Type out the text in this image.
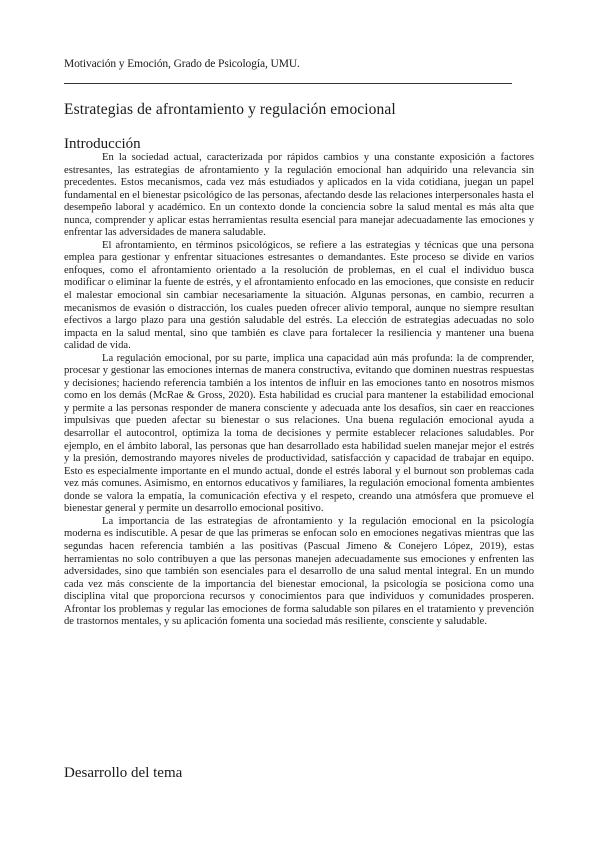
Motivación y Emoción, Grado de Psicología, UMU.
Estrategias de afrontamiento y regulación emocional
Introducción

En la sociedad actual, caracterizada por rápidos cambios y una constante exposición a factores estresantes, las estrategias de afrontamiento y la regulación emocional han adquirido una relevancia sin precedentes. Estos mecanismos, cada vez más estudiados y aplicados en la vida cotidiana, juegan un papel fundamental en el bienestar psicológico de las personas, afectando desde las relaciones interpersonales hasta el desempeño laboral y académico. En un contexto donde la conciencia sobre la salud mental es más alta que nunca, comprender y aplicar estas herramientas resulta esencial para manejar adecuadamente las emociones y enfrentar las adversidades de manera saludable.

El afrontamiento, en términos psicológicos, se refiere a las estrategias y técnicas que una persona emplea para gestionar y enfrentar situaciones estresantes o demandantes. Este proceso se divide en varios enfoques, como el afrontamiento orientado a la resolución de problemas, en el cual el individuo busca modificar o eliminar la fuente de estrés, y el afrontamiento enfocado en las emociones, que consiste en reducir el malestar emocional sin cambiar necesariamente la situación. Algunas personas, en cambio, recurren a mecanismos de evasión o distracción, los cuales pueden ofrecer alivio temporal, aunque no siempre resultan efectivos a largo plazo para una gestión saludable del estrés. La elección de estrategias adecuadas no solo impacta en la salud mental, sino que también es clave para fortalecer la resiliencia y mantener una buena calidad de vida.

La regulación emocional, por su parte, implica una capacidad aún más profunda: la de comprender, procesar y gestionar las emociones internas de manera constructiva, evitando que dominen nuestras respuestas y decisiones; haciendo referencia también a los intentos de influir en las emociones tanto en nosotros mismos como en los demás (McRae & Gross, 2020). Esta habilidad es crucial para mantener la estabilidad emocional y permite a las personas responder de manera consciente y adecuada ante los desafíos, sin caer en reacciones impulsivas que pueden afectar su bienestar o sus relaciones. Una buena regulación emocional ayuda a desarrollar el autocontrol, optimiza la toma de decisiones y permite establecer relaciones saludables. Por ejemplo, en el ámbito laboral, las personas que han desarrollado esta habilidad suelen manejar mejor el estrés y la presión, demostrando mayores niveles de productividad, satisfacción y capacidad de trabajar en equipo. Esto es especialmente importante en el mundo actual, donde el estrés laboral y el burnout son problemas cada vez más comunes. Asimismo, en entornos educativos y familiares, la regulación emocional fomenta ambientes donde se valora la empatía, la comunicación efectiva y el respeto, creando una atmósfera que promueve el bienestar general y permite un desarrollo emocional positivo.

La importancia de las estrategias de afrontamiento y la regulación emocional en la psicología moderna es indiscutible. A pesar de que las primeras se enfocan solo en emociones negativas mientras que las segundas hacen referencia también a las positivas (Pascual Jimeno & Conejero López, 2019), estas herramientas no solo contribuyen a que las personas manejen adecuadamente sus emociones y enfrenten las adversidades, sino que también son esenciales para el desarrollo de una salud mental integral. En un mundo cada vez más consciente de la importancia del bienestar emocional, la psicología se posiciona como una disciplina vital que proporciona recursos y conocimientos para que individuos y comunidades prosperen. Afrontar los problemas y regular las emociones de forma saludable son pilares en el tratamiento y prevención de trastornos mentales, y su aplicación fomenta una sociedad más resiliente, consciente y saludable.

Desarrollo del tema
